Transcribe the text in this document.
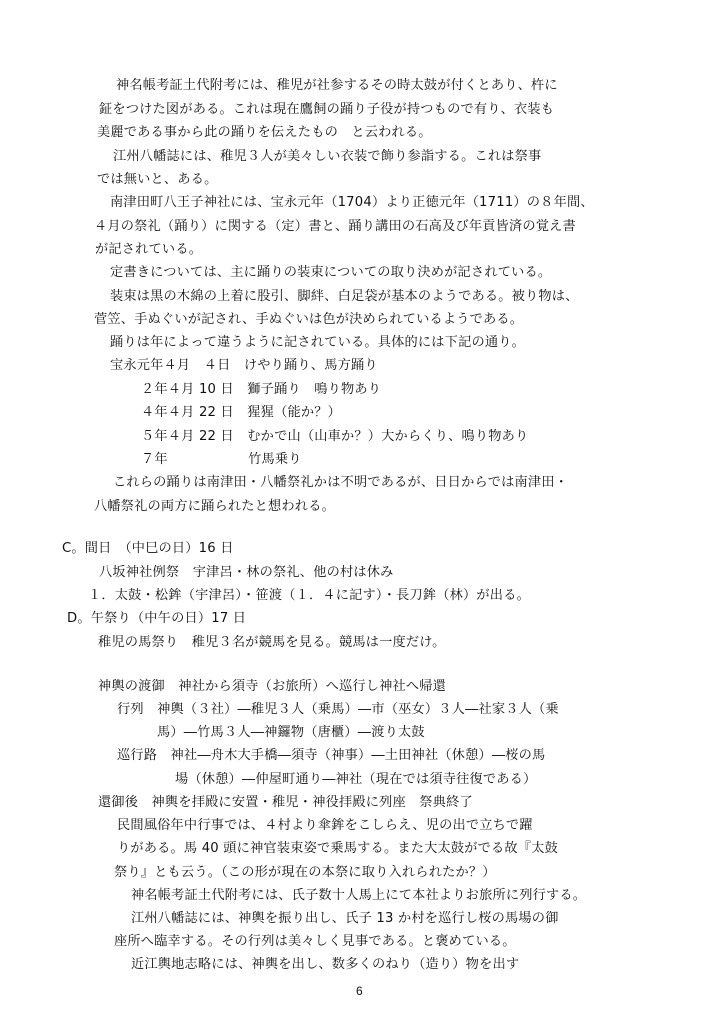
神名帳考証土代附考には、稚児が社参するその時太鼓が付くとあり、杵に
鉦をつけた図がある。これは現在鷹飼の踊り子役が持つもので有り、衣装も
美麗である事から此の踊りを伝えたもの　と云われる。
江州八幡誌には、稚児３人が美々しい衣装で飾り参詣する。これは祭事
では無いと、ある。
南津田町八王子神社には、宝永元年（1704）より正徳元年（1711）の８年間、
４月の祭礼（踊り）に関する（定）書と、踊り講田の石高及び年貢皆済の覚え書
が記されている。
定書きについては、主に踊りの装束についての取り決めが記されている。
装束は黒の木綿の上着に股引、脚絆、白足袋が基本のようである。被り物は、
菅笠、手ぬぐいが記され、手ぬぐいは色が決められているようである。
踊りは年によって違うように記されている。具体的には下記の通り。
宝永元年４月　４日　けやり踊り、馬方踊り
２年４月 10 日　獅子踊り　鳴り物あり
４年４月 22 日　猩猩（能か？）
５年４月 22 日　むかで山（山車か？）大からくり、鳴り物あり
７年　　　　　　竹馬乗り
これらの踊りは南津田・八幡祭礼かは不明であるが、日日からでは南津田・
八幡祭礼の両方に踊られたと想われる。
C。間日　（中巳の日）16 日
八坂神社例祭　宇津呂・林の祭礼、他の村は休み
１．太鼓・松鉾（宇津呂）・笹渡（１．４に記す）・長刀鉾（林）が出る。
D。午祭り（中午の日）17 日
稚児の馬祭り　稚児３名が競馬を見る。競馬は一度だけ。
神輿の渡御　神社から須寺（お旅所）へ巡行し神社へ帰還
行列　神輿（３社）―稚児３人（乗馬）―市（巫女）３人―社家３人（乗
馬）―竹馬３人―神鑼物（唐櫃）―渡り太鼓
巡行路　神社―舟木大手橋―須寺（神事）―土田神社（休憩）―桜の馬
場（休憩）―仲屋町通り―神社（現在では須寺往復である）
還御後　神輿を拝殿に安置・稚児・神役拝殿に列座　祭典終了
民間風俗年中行事では、４村より傘鉾をこしらえ、児の出で立ちで躍
りがある。馬 40 頭に神官装束姿で乗馬する。また大太鼓がでる故『太鼓
祭り』とも云う。（この形が現在の本祭に取り入れられたか？）
神名帳考証土代附考には、氏子数十人馬上にて本社よりお旅所に列行する。
江州八幡誌には、神輿を振り出し、氏子 13 か村を巡行し桜の馬場の御
座所へ臨幸する。その行列は美々しく見事である。と褒めている。
近江輿地志略には、神輿を出し、数多くのねり（造り）物を出す
6
